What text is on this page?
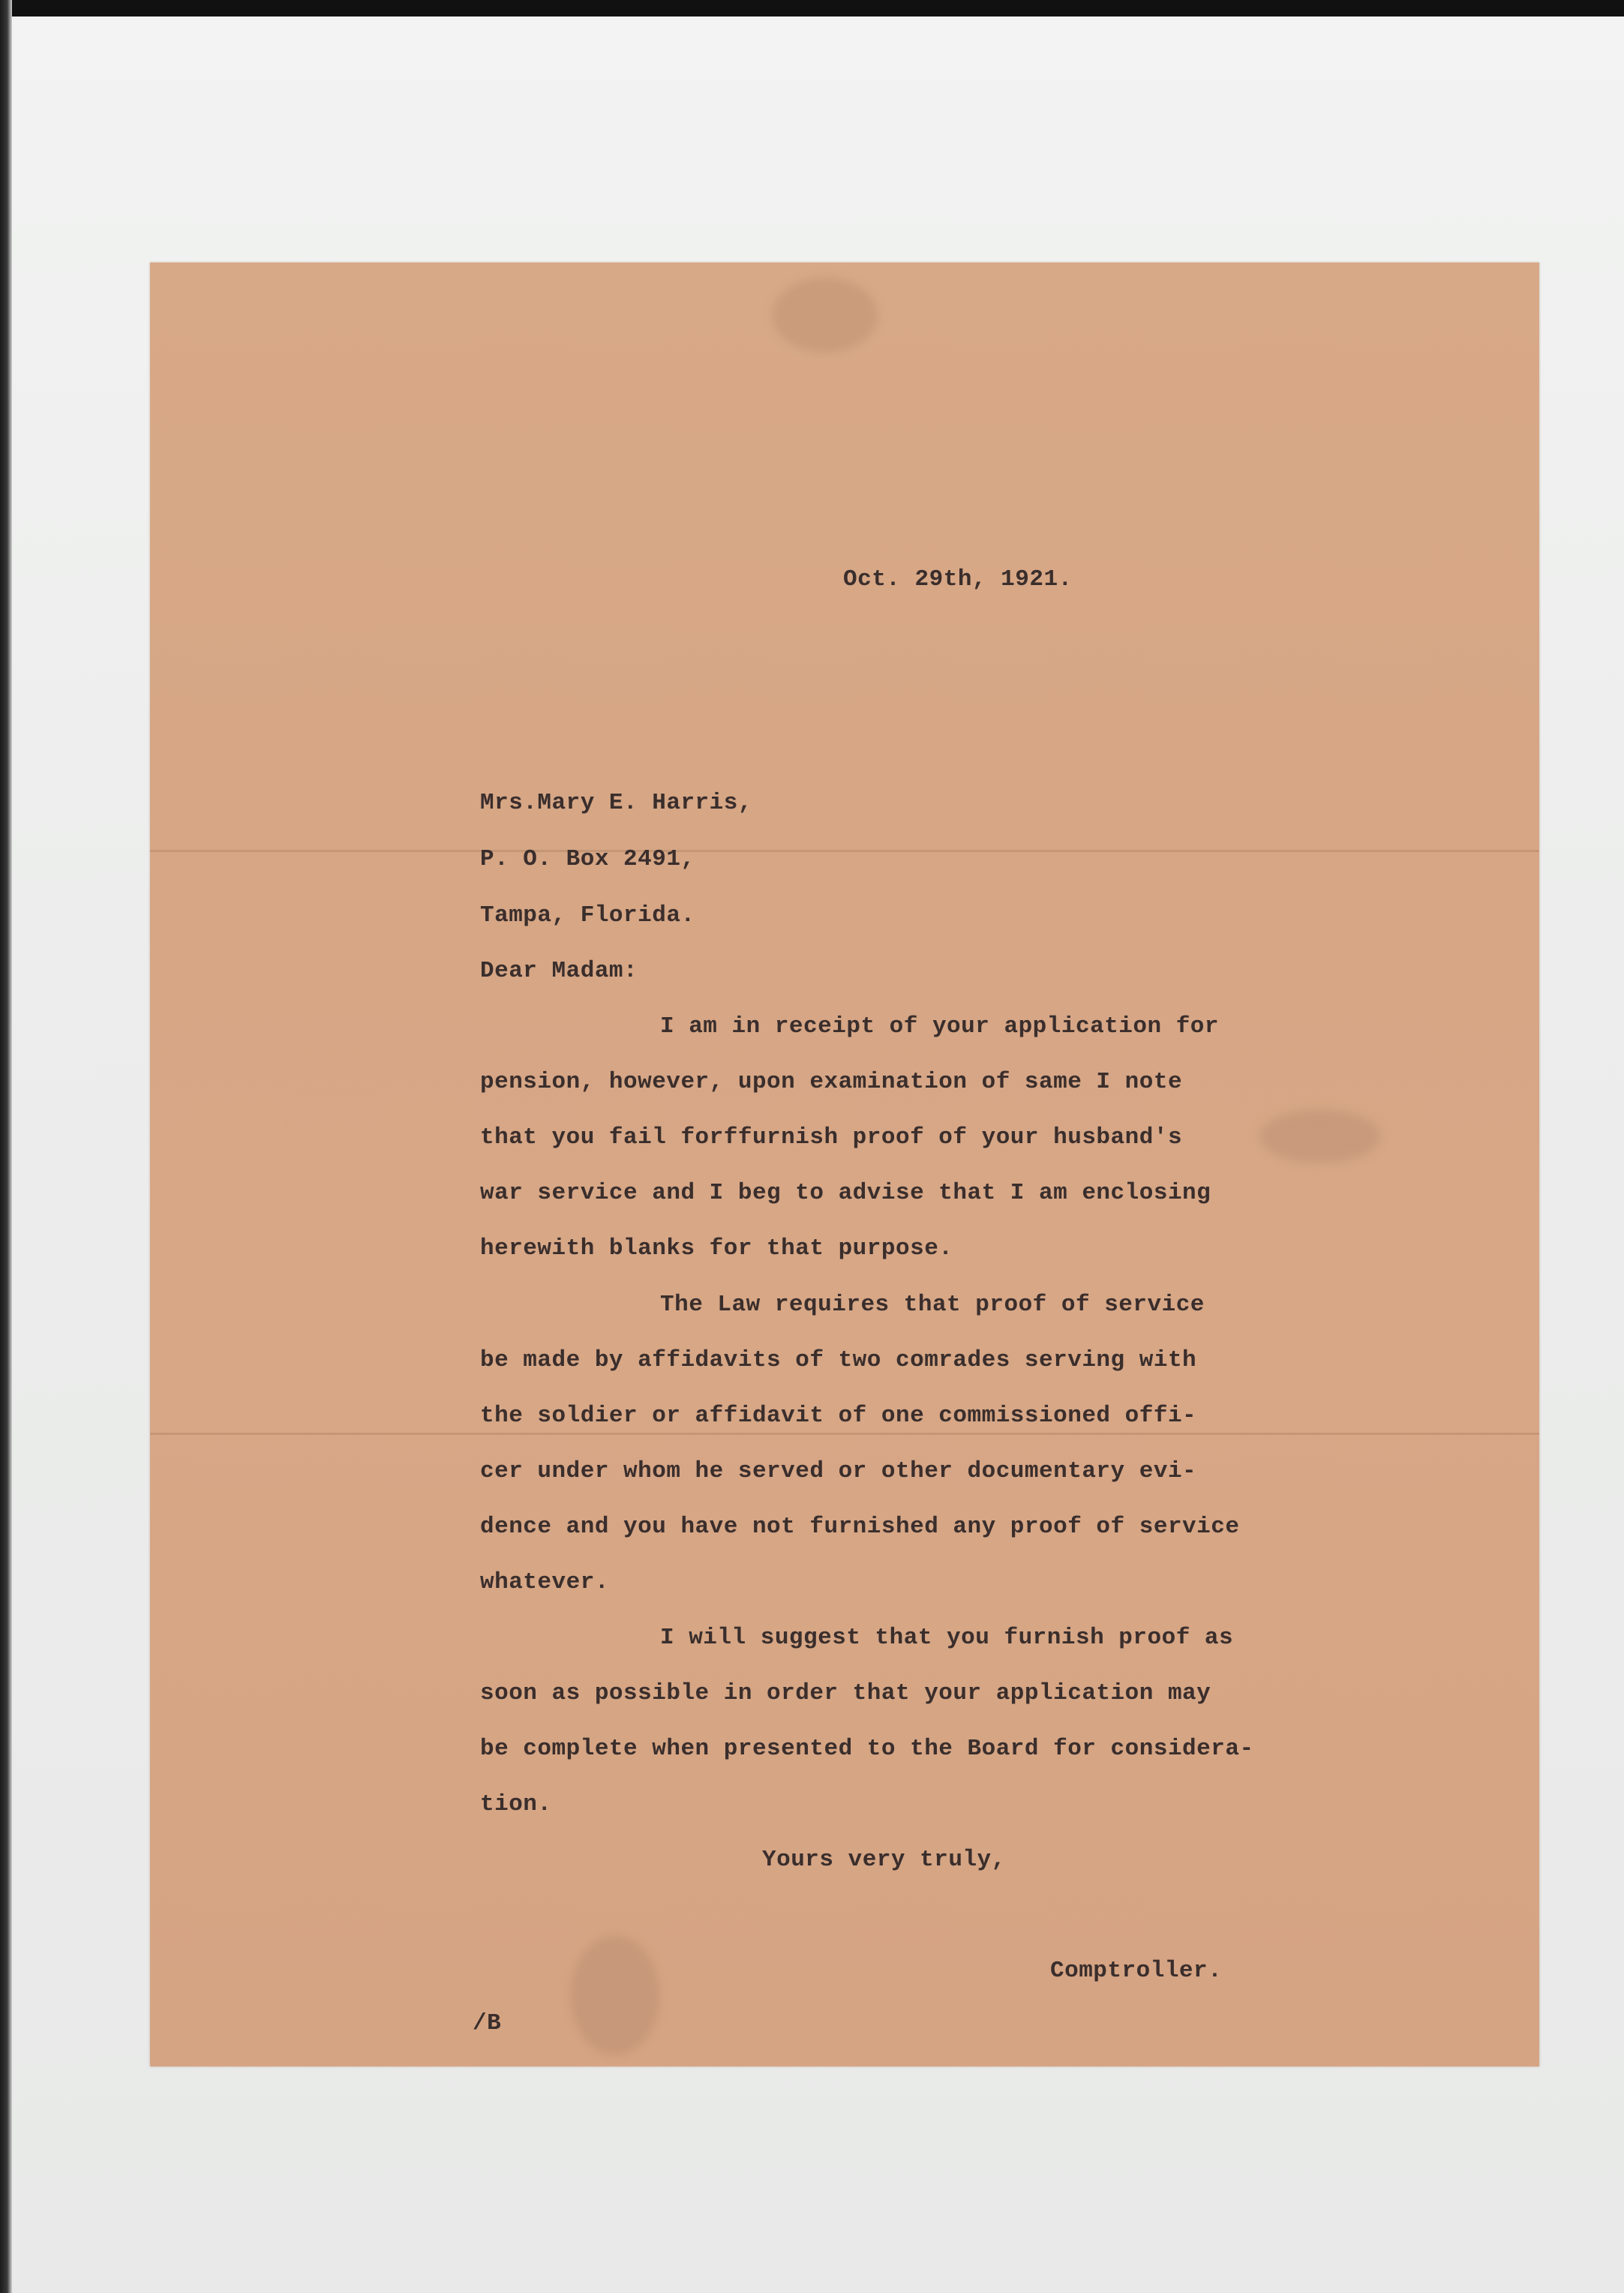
Oct. 29th, 1921.
Mrs.Mary E. Harris,
P. O. Box 2491,
Tampa, Florida.
Dear Madam:
I am in receipt of your application for
pension, however, upon examination of same I note
that you fail forffurnish proof of your husband's
war service and I beg to advise that I am enclosing
herewith blanks for that purpose.
The Law requires that proof of service
be made by affidavits of two comrades serving with
the soldier or affidavit of one commissioned offi-
cer under whom he served or other documentary evi-
dence and you have not furnished any proof of service
whatever.
I will suggest that you furnish proof as
soon as possible in order that your application may
be complete when presented to the Board for considera-
tion.
Yours very truly,
Comptroller.
/B
